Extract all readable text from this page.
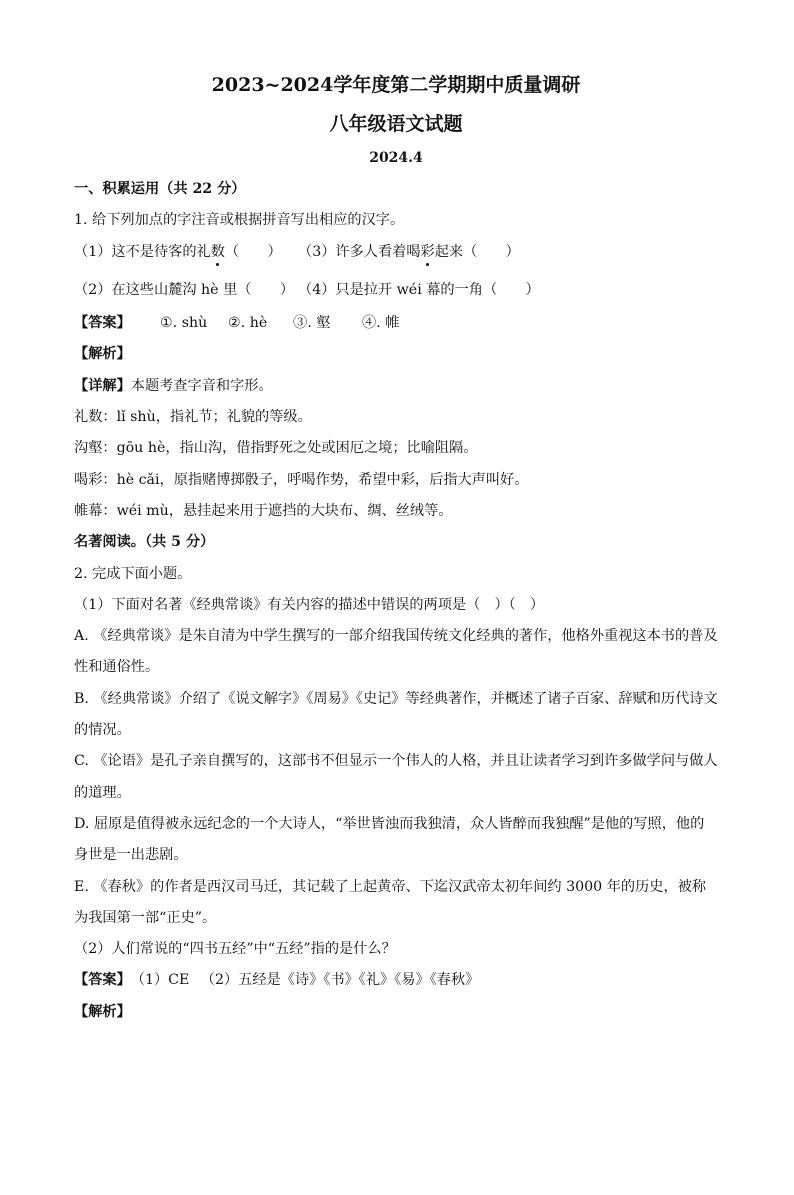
2023~2024学年度第二学期期中质量调研
八年级语文试题
2024.4
一、积累运用（共 22 分）
1. 给下列加点的字注音或根据拼音写出相应的汉字。
（1）这不是待客的礼数（　　） （3）许多人看着喝彩起来（　　）
（2）在这些山麓沟 hè 里（　　） （4）只是拉开 wéi 幕的一角（　　）
【答案】 ①. shù ②. hè ③. 壑 ④. 帷
【解析】
【详解】本题考查字音和字形。
礼数：lǐ shù，指礼节；礼貌的等级。
沟壑：gōu hè，指山沟，借指野死之处或困厄之境；比喻阻隔。
喝彩：hè cǎi，原指赌博掷骰子，呼喝作势，希望中彩，后指大声叫好。
帷幕：wéi mù，悬挂起来用于遮挡的大块布、绸、丝绒等。
名著阅读。（共 5 分）
2. 完成下面小题。
（1）下面对名著《经典常谈》有关内容的描述中错误的两项是（　）（　）

A. 《经典常谈》是朱自清为中学生撰写的一部介绍我国传统文化经典的著作，他格外重视这本书的普及性和通俗性。

B. 《经典常谈》介绍了《说文解字》《周易》《史记》等经典著作，并概述了诸子百家、辞赋和历代诗文的情况。

C. 《论语》是孔子亲自撰写的，这部书不但显示一个伟人的人格，并且让读者学习到许多做学问与做人的道理。

D. 屈原是值得被永远纪念的一个大诗人，“举世皆浊而我独清，众人皆醉而我独醒”是他的写照，他的身世是一出悲剧。

E. 《春秋》的作者是西汉司马迁，其记载了上起黄帝、下迄汉武帝太初年间约 3000 年的历史，被称为我国第一部“正史”。

（2）人们常说的“四书五经”中“五经”指的是什么？
【答案】（1）CE （2）五经是《诗》《书》《礼》《易》《春秋》
【解析】
